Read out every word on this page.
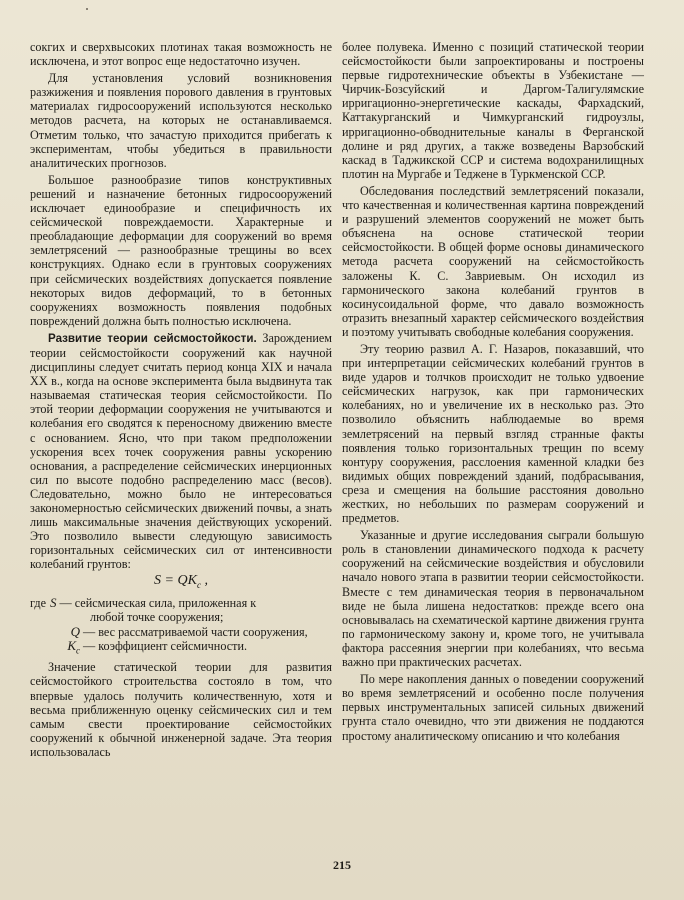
сокгих и сверхвысоких плотинах такая возможность не исключена, и этот вопрос еще недостаточно изучен.

Для установления условий возникновения разжижения и появления порового давления в грунтовых материалах гидросооружений используются несколько методов расчета, на которых не останавливаемся. Отметим только, что зачастую приходится прибегать к экспериментам, чтобы убедиться в правильности аналитических прогнозов.

Большое разнообразие типов конструктивных решений и назначение бетонных гидросооружений исключает единообразие и специфичность их сейсмической повреждаемости. Характерные и преобладающие деформации для сооружений во время землетрясений — разнообразные трещины во всех конструкциях. Однако если в грунтовых сооружениях при сейсмических воздействиях допускается появление некоторых видов деформаций, то в бетонных сооружениях возможность появления подобных повреждений должна быть полностью исключена.

Развитие теории сейсмостойкости. Зарождением теории сейсмостойкости сооружений как научной дисциплины следует считать период конца XIX и начала XX в., когда на основе эксперимента была выдвинута так называемая статическая теория сейсмостойкости. По этой теории деформации сооружения не учитываются и колебания его сводятся к переносному движению вместе с основанием. Ясно, что при таком предположении ускорения всех точек сооружения равны ускорению основания, а распределение сейсмических инерционных сил по высоте подобно распределению масс (весов). Следовательно, можно было не интересоваться закономерностью сейсмических движений почвы, а знать лишь максимальные значения действующих ускорений. Это позволило вывести следующую зависимость горизонтальных сейсмических сил от интенсивности колебаний грунтов:

$S = QK_c$ ,
где S — сейсмическая сила, приложенная к
любой точке сооружения;
Q — вес рассматриваемой части сооружения,
$K_c$ — коэффициент сейсмичности.

Значение статической теории для развития сейсмостойкого строительства состояло в том, что впервые удалось получить количественную, хотя и весьма приближенную оценку сейсмических сил и тем самым свести проектирование сейсмостойких сооружений к обычной инженерной задаче. Эта теория использовалась

более полувека. Именно с позиций статической теории сейсмостойкости были запроектированы и построены первые гидротехнические объекты в Узбекистане — Чирчик-Бозсуйский и Даргом-Талигулямские ирригационно-энергетические каскады, Фархадский, Каттакурганский и Чимкурганский гидроузлы, ирригационно-обводнительные каналы в Ферганской долине и ряд других, а также возведены Варзобский каскад в Таджикской ССР и система водохранилищных плотин на Мургабе и Теджене в Туркменской ССР.

Обследования последствий землетрясений показали, что качественная и количественная картина повреждений и разрушений элементов сооружений не может быть объяснена на основе статической теории сейсмостойкости. В общей форме основы динамического метода расчета сооружений на сейсмостойкость заложены К. С. Завриевым. Он исходил из гармонического закона колебаний грунтов в косинусоидальной форме, что давало возможность отразить внезапный характер сейсмического воздействия и поэтому учитывать свободные колебания сооружения.

Эту теорию развил А. Г. Назаров, показавший, что при интерпретации сейсмических колебаний грунтов в виде ударов и толчков происходит не только удвоение сейсмических нагрузок, как при гармонических колебаниях, но и увеличение их в несколько раз. Это позволило объяснить наблюдаемые во время землетрясений на первый взгляд странные факты появления только горизонтальных трещин по всему контуру сооружения, расслоения каменной кладки без видимых общих повреждений зданий, подбрасывания, среза и смещения на большие расстояния довольно жестких, но небольших по размерам сооружений и предметов.

Указанные и другие исследования сыграли большую роль в становлении динамического подхода к расчету сооружений на сейсмические воздействия и обусловили начало нового этапа в развитии теории сейсмостойкости. Вместе с тем динамическая теория в первоначальном виде не была лишена недостатков: прежде всего она основывалась на схематической картине движения грунта по гармоническому закону и, кроме того, не учитывала фактора рассеяния энергии при колебаниях, что весьма важно при практических расчетах.

По мере накопления данных о поведении сооружений во время землетрясений и особенно после получения первых инструментальных записей сильных движений грунта стало очевидно, что эти движения не поддаются простому аналитическому описанию и что колебания

215
